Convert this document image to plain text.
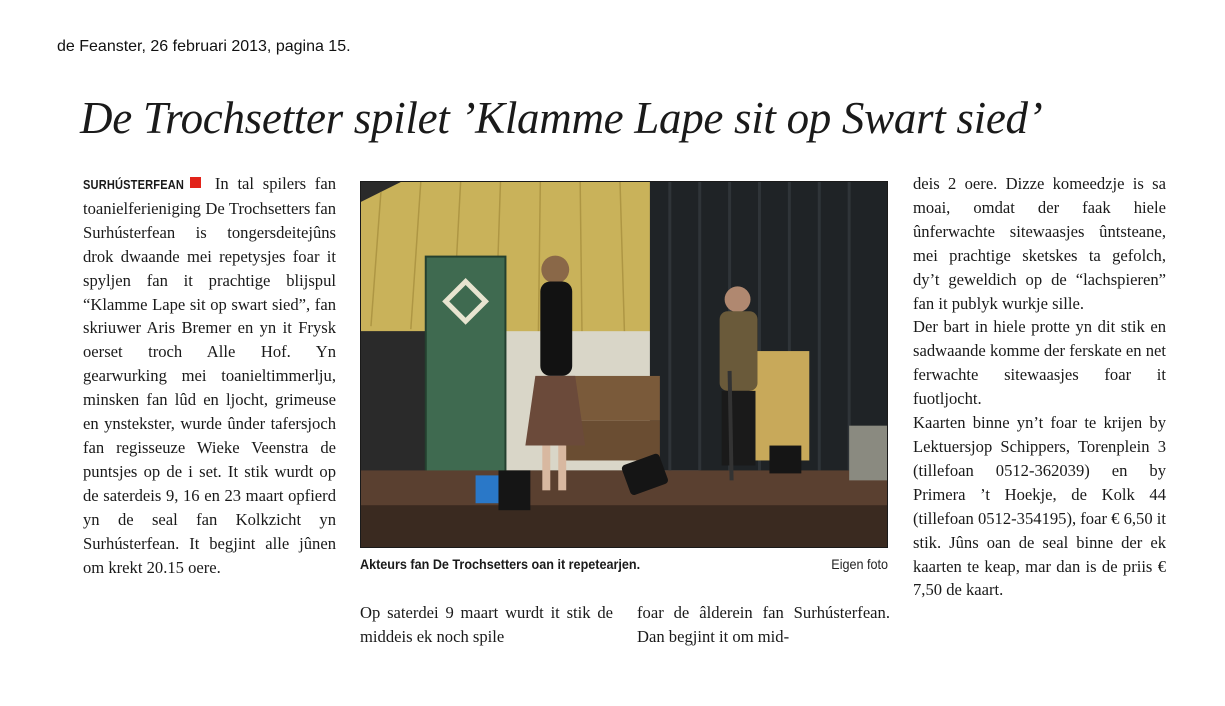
de Feanster, 26 februari 2013, pagina 15.

De Trochsetter spilet ’Klamme Lape sit op Swart sied’

SURHÚSTERFEAN In tal spilers fan toanielferieniging De Trochsetters fan Surhústerfean is tongersdeitejûns drok dwaande mei repetysjes foar it spyljen fan it prachtige blijspul “Klamme Lape sit op swart sied”, fan skriuwer Aris Bremer en yn it Frysk oerset troch Alle Hof. Yn gearwurking mei toanieltimmerlju, minsken fan lûd en ljocht, grimeuse en ynstekster, wurde ûnder tafersjoch fan regisseuze Wieke Veenstra de puntsjes op de i set. It stik wurdt op de saterdeis 9, 16 en 23 maart opfierd yn de seal fan Kolkzicht yn Surhústerfean. It begjint alle jûnen om krekt 20.15 oere.	Akteurs fan De Trochsetters oan it repetearjen.	Eigen foto

Op saterdei 9 maart wurdt it stik de middeis ek noch spile

foar de âlderein fan Surhústerfean. Dan begjint it om mid-

deis 2 oere. Dizze komeedzje is sa moai, omdat der faak hiele ûnferwachte sitewaasjes ûntsteane, mei prachtige sketskes ta gefolch, dy’t geweldich op de “lachspieren” fan it publyk wurkje sille.

Der bart in hiele protte yn dit stik en sadwaande komme der ferskate en net ferwachte sitewaasjes foar it fuotljocht.

Kaarten binne yn’t foar te krijen by Lektuersjop Schippers, Torenplein 3 (tillefoan 0512-362039) en by Primera ’t Hoekje, de Kolk 44 (tillefoan 0512-354195), foar € 6,50 it stik. Jûns oan de seal binne der ek kaarten te keap, mar dan is de priis € 7,50 de kaart.
